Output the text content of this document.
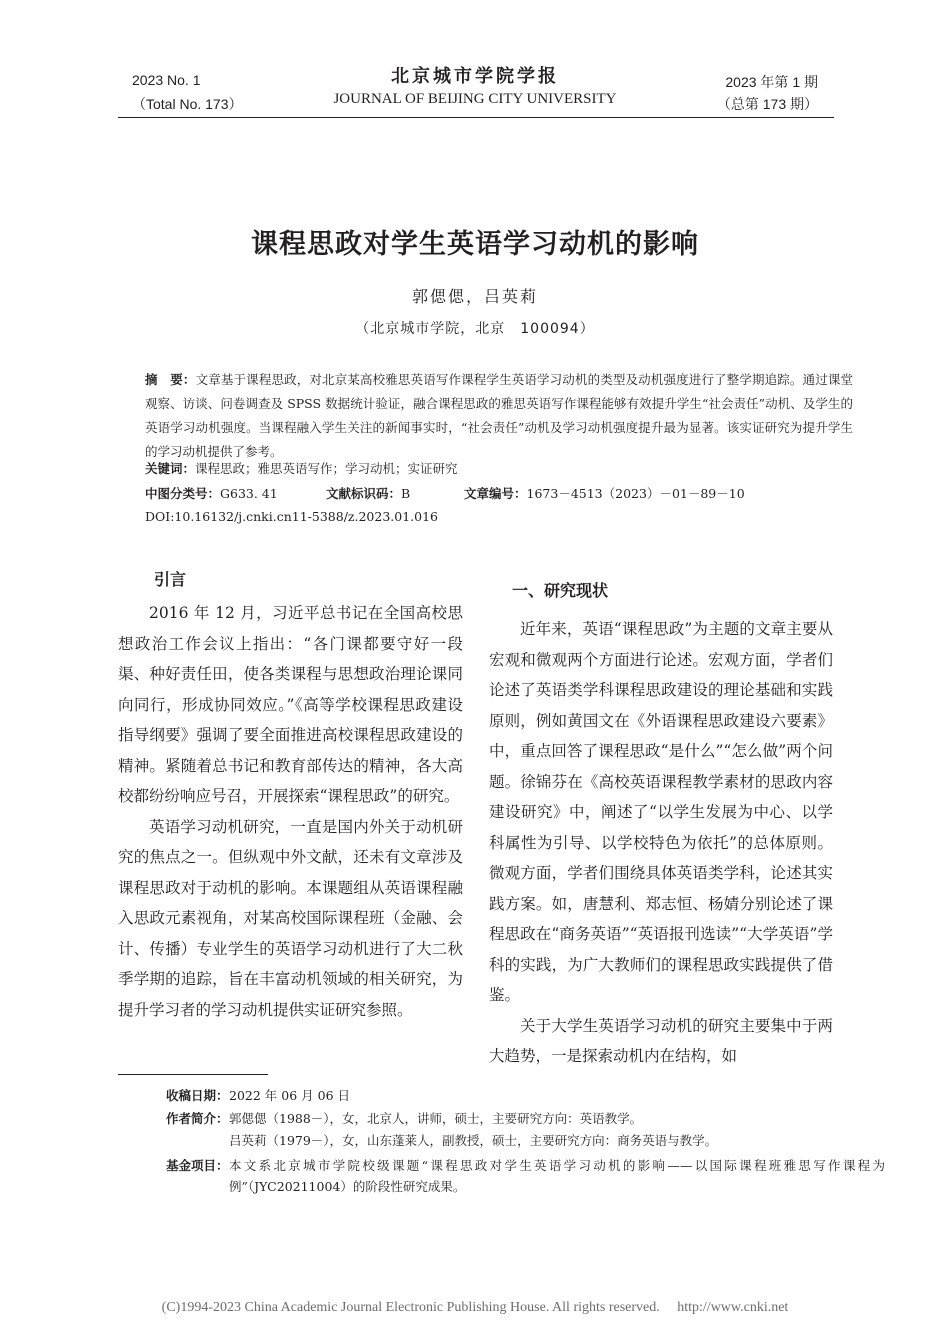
2023 No. 1
（Total No. 173）
北京城市学院学报
JOURNAL OF BEIJING CITY UNIVERSITY
2023 年第 1 期
（总第 173 期）
课程思政对学生英语学习动机的影响
郭偲偲，吕英莉
（北京城市学院，北京　100094）
摘　要：文章基于课程思政，对北京某高校雅思英语写作课程学生英语学习动机的类型及动机强度进行了整学期追踪。通过课堂观察、访谈、问卷调查及 SPSS 数据统计验证，融合课程思政的雅思英语写作课程能够有效提升学生“社会责任”动机、及学生的英语学习动机强度。当课程融入学生关注的新闻事实时，“社会责任”动机及学习动机强度提升最为显著。该实证研究为提升学生的学习动机提供了参考。
关键词：课程思政；雅思英语写作；学习动机；实证研究
中图分类号：G633. 41	文献标识码：B	文章编号：1673－4513（2023）－01－89－10
DOI:10.16132/j.cnki.cn11-5388/z.2023.01.016
引言

2016 年 12 月，习近平总书记在全国高校思想政治工作会议上指出：“各门课都要守好一段渠、种好责任田，使各类课程与思想政治理论课同向同行，形成协同效应。”《高等学校课程思政建设指导纲要》强调了要全面推进高校课程思政建设的精神。紧随着总书记和教育部传达的精神，各大高校都纷纷响应号召，开展探索“课程思政”的研究。

英语学习动机研究，一直是国内外关于动机研究的焦点之一。但纵观中外文献，还未有文章涉及课程思政对于动机的影响。本课题组从英语课程融入思政元素视角，对某高校国际课程班（金融、会计、传播）专业学生的英语学习动机进行了大二秋季学期的追踪，旨在丰富动机领域的相关研究，为提升学习者的学习动机提供实证研究参照。

一、研究现状

近年来，英语“课程思政”为主题的文章主要从宏观和微观两个方面进行论述。宏观方面，学者们论述了英语类学科课程思政建设的理论基础和实践原则，例如黄国文在《外语课程思政建设六要素》中，重点回答了课程思政“是什么”“怎么做”两个问题。徐锦芬在《高校英语课程教学素材的思政内容建设研究》中，阐述了“以学生发展为中心、以学科属性为引导、以学校特色为依托”的总体原则。微观方面，学者们围绕具体英语类学科，论述其实践方案。如，唐慧利、郑志恒、杨婧分别论述了课程思政在“商务英语”“英语报刊选读”“大学英语”学科的实践，为广大教师们的课程思政实践提供了借鉴。

关于大学生英语学习动机的研究主要集中于两大趋势，一是探索动机内在结构，如

收稿日期： 2022 年 06 月 06 日
作者简介： 郭偲偲（1988－），女，北京人，讲师，硕士，主要研究方向：英语教学。
吕英莉（1979－），女，山东蓬莱人，副教授，硕士，主要研究方向：商务英语与教学。
基金项目： 本文系北京城市学院校级课题“课程思政对学生英语学习动机的影响——以国际课程班雅思写作课程为例”（JYC20211004）的阶段性研究成果。
(C)1994-2023 China Academic Journal Electronic Publishing House. All rights reserved.　 http://www.cnki.net
